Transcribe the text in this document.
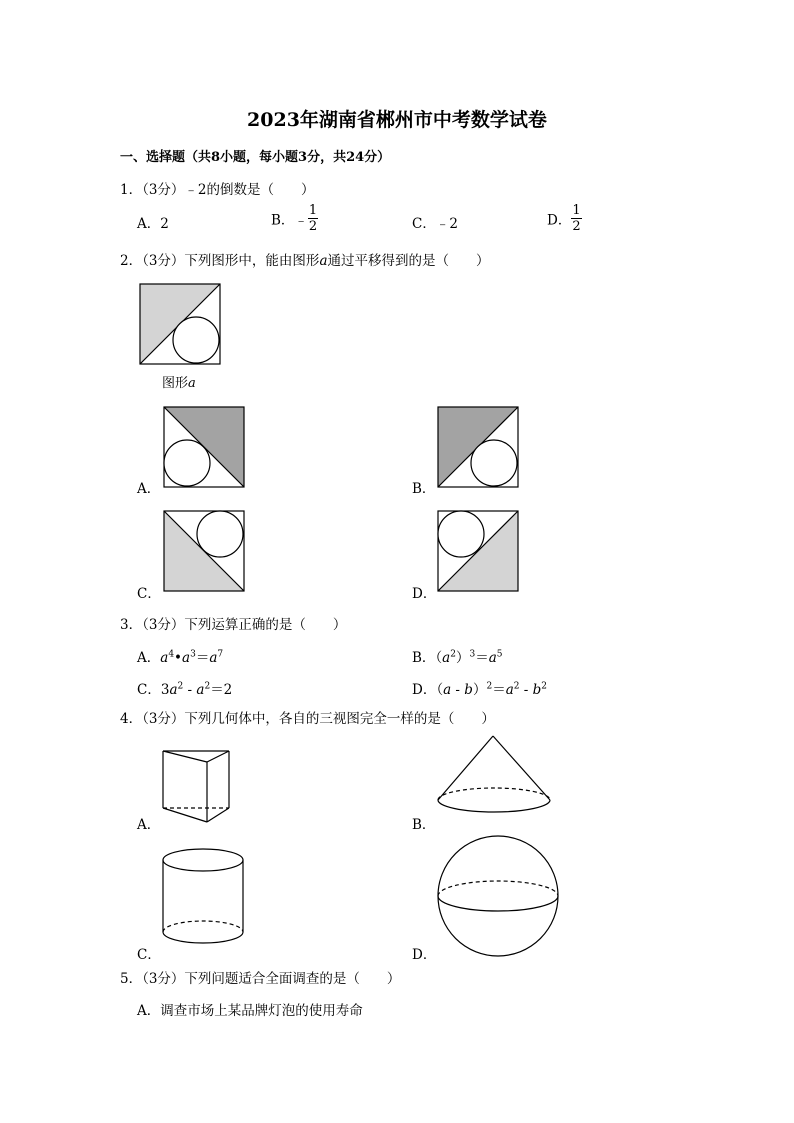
2023年湖南省郴州市中考数学试卷
一、选择题（共8小题，每小题3分，共24分）
1．（3分）﹣2的倒数是（　　）
A．2	B．﹣ $\frac{1}{2}$	C．﹣2	D． $\frac{1}{2}$
2．（3分）下列图形中，能由图形a通过平移得到的是（　　）
图形a
A．	B．
C．	D．
3．（3分）下列运算正确的是（　　）
A．$a^4•a^3=a^7$	B．$(a^2)^3=a^5$
C．$3a^2 - a^2=2$	D．$(a - b)^2=a^2 - b^2$
4．（3分）下列几何体中，各自的三视图完全一样的是（　　）
A．	B．
C．	D．
5．（3分）下列问题适合全面调查的是（　　）
A．调查市场上某品牌灯泡的使用寿命
